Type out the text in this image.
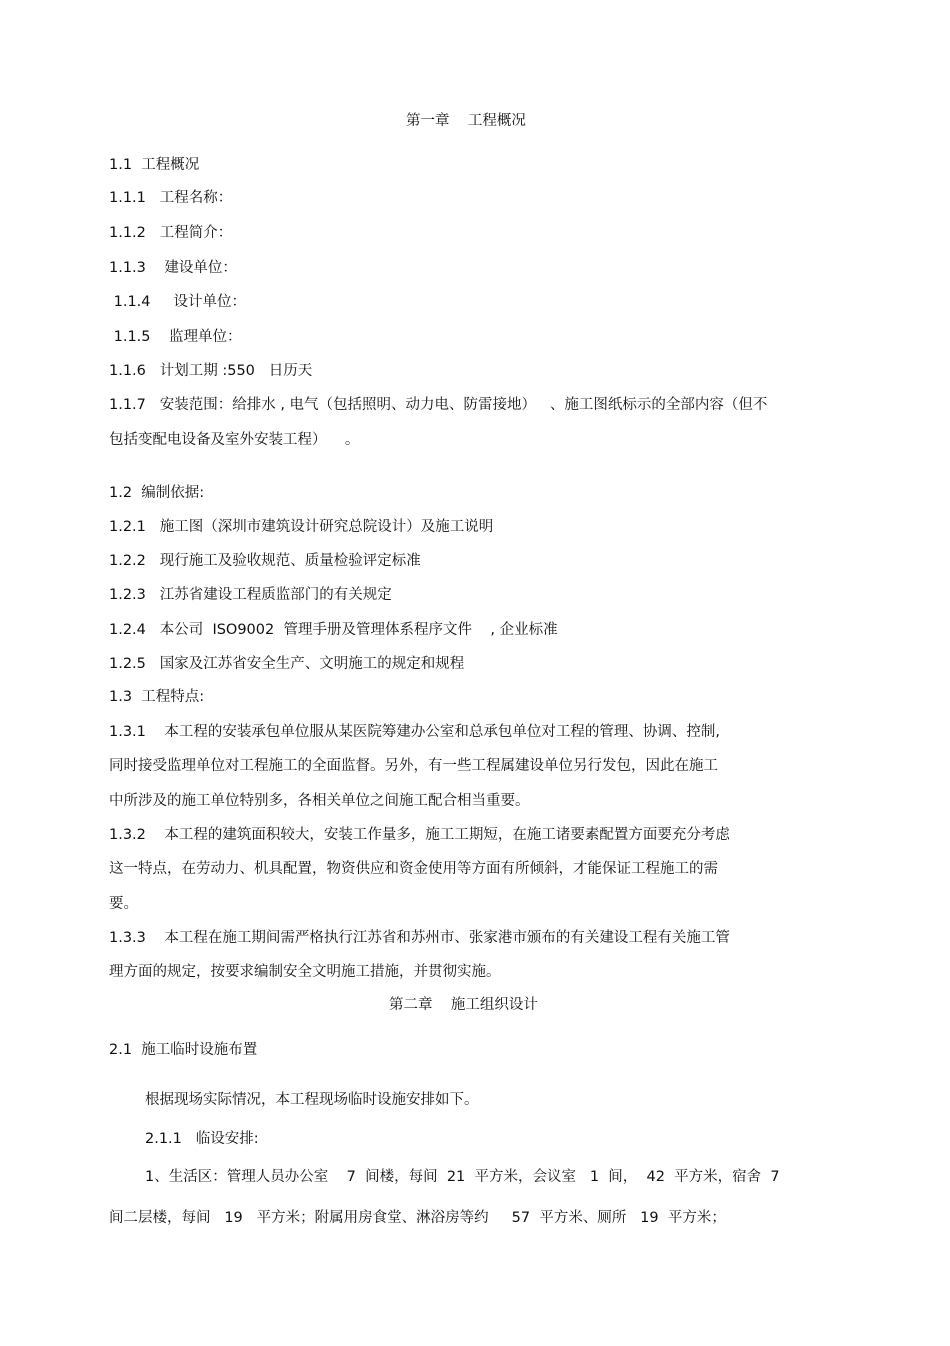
第一章    工程概况
1.1  工程概况
1.1.1   工程名称：
1.1.2   工程简介：
1.1.3    建设单位：
1.1.4     设计单位：
1.1.5    监理单位：
1.1.6   计划工期 :550   日历天
1.1.7   安装范围：给排水 , 电气（包括照明、动力电、防雷接地）   、施工图纸标示的全部内容（但不
包括变配电设备及室外安装工程）    。
1.2  编制依据:
1.2.1   施工图（深圳市建筑设计研究总院设计）及施工说明
1.2.2   现行施工及验收规范、质量检验评定标准
1.2.3   江苏省建设工程质监部门的有关规定
1.2.4   本公司  ISO9002  管理手册及管理体系程序文件    , 企业标准
1.2.5   国家及江苏省安全生产、文明施工的规定和规程
1.3  工程特点:
1.3.1    本工程的安装承包单位服从某医院筹建办公室和总承包单位对工程的管理、协调、控制,
同时接受监理单位对工程施工的全面监督。另外，有一些工程属建设单位另行发包，因此在施工
中所涉及的施工单位特别多，各相关单位之间施工配合相当重要。
1.3.2    本工程的建筑面积较大，安装工作量多，施工工期短，在施工诸要素配置方面要充分考虑
这一特点，在劳动力、机具配置，物资供应和资金使用等方面有所倾斜，才能保证工程施工的需
要。
1.3.3    本工程在施工期间需严格执行江苏省和苏州市、张家港市颁布的有关建设工程有关施工管
理方面的规定，按要求编制安全文明施工措施，并贯彻实施。
第二章    施工组织设计
2.1  施工临时设施布置
根据现场实际情况，本工程现场临时设施安排如下。
2.1.1   临设安排:
1、生活区：管理人员办公室    7  间楼，每间  21  平方米，会议室   1  间，  42  平方米，宿舍  7
间二层楼，每间   19   平方米；附属用房食堂、淋浴房等约     57  平方米、厕所   19  平方米；
